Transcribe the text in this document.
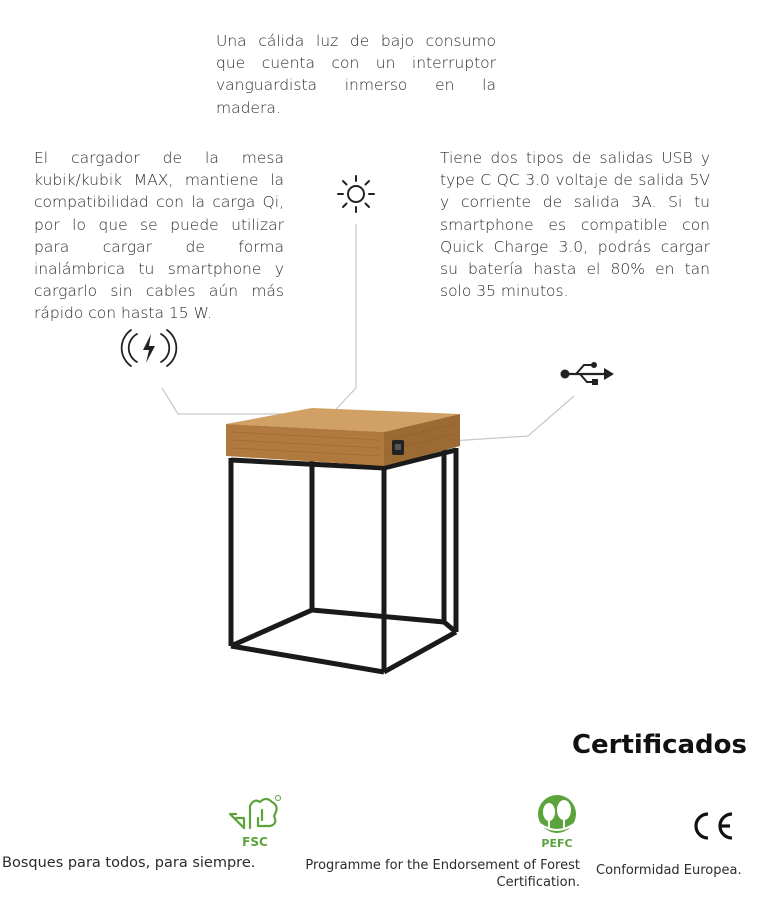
Una cálida luz de bajo consumo que cuenta con un interruptor vanguardista inmerso en la madera.
El cargador de la mesa kubik/kubik MAX, mantiene la compatibilidad con la carga Qi, por lo que se puede utilizar para cargar de forma inalámbrica tu smartphone y cargarlo sin cables aún más rápido con hasta 15 W.
Tiene dos tipos de salidas USB y type C QC 3.0 voltaje de salida 5V y corriente de salida 3A. Si tu smartphone es compatible con Quick Charge 3.0, podrás cargar su batería hasta el 80% en tan solo 35 minutos.
Certificados
FSC	PEFC
CE
Bosques para todos, para siempre.	Programme for the Endorsement of Forest Certification.
Conformidad Europea.
